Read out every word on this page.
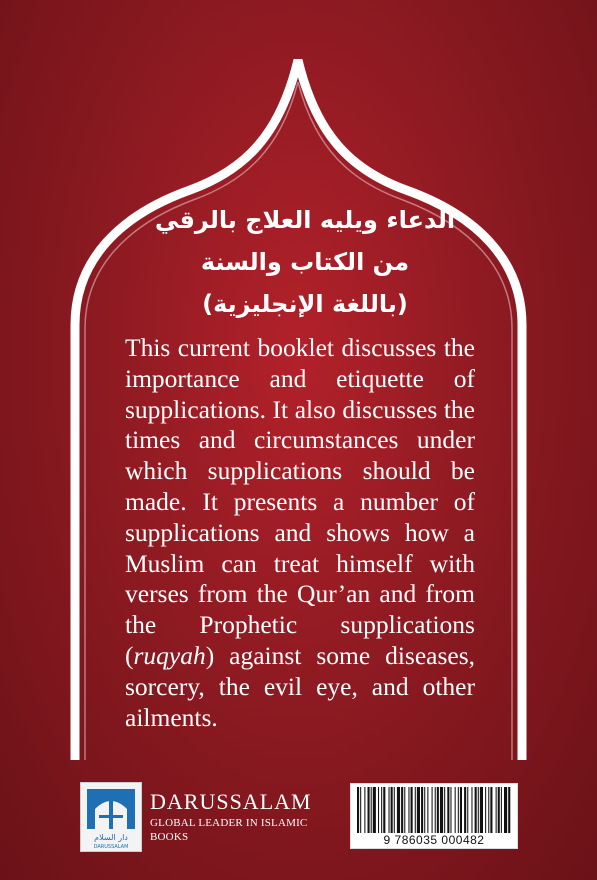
الدعاء ويليه العلاج بالرقي
من الكتاب والسنة
(باللغة الإنجليزية)
This current booklet discusses the importance and etiquette of supplications. It also discusses the times and circumstances under which supplications should be made. It presents a number of supplications and shows how a Muslim can treat himself with verses from the Qur’an and from the Prophetic supplications (ruqyah) against some diseases, sorcery, the evil eye, and other ailments.
دار السلام
DARUSSALAM
DARUSSALAM
GLOBAL LEADER IN ISLAMIC BOOKS	9 786035 000482
